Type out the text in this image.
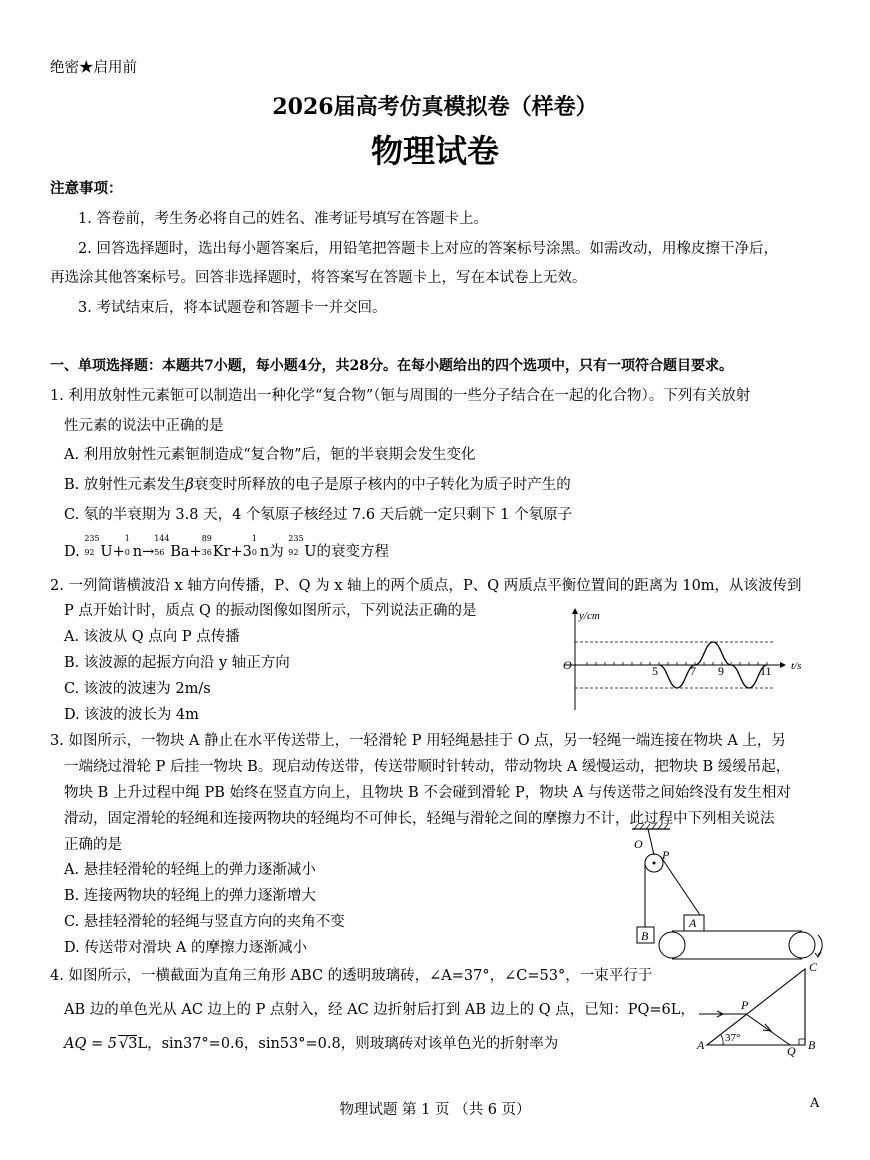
绝密★启用前
2026届高考仿真模拟卷（样卷）
物理试卷
注意事项：
1. 答卷前，考生务必将自己的姓名、准考证号填写在答题卡上。
2. 回答选择题时，选出每小题答案后，用铅笔把答题卡上对应的答案标号涂黑。如需改动，用橡皮擦干净后，
再选涂其他答案标号。回答非选择题时，将答案写在答题卡上，写在本试卷上无效。
3. 考试结束后，将本试题卷和答题卡一并交回。
一、单项选择题：本题共7小题，每小题4分，共28分。在每小题给出的四个选项中，只有一项符合题目要求。
1. 利用放射性元素钷可以制造出一种化学“复合物”（钷与周围的一些分子结合在一起的化合物）。下列有关放射
性元素的说法中正确的是
A. 利用放射性元素钷制造成“复合物”后，钷的半衰期会发生变化
B. 放射性元素发生β衰变时所释放的电子是原子核内的中子转化为质子时产生的
C. 氡的半衰期为 3.8 天，4 个氡原子核经过 7.6 天后就一定只剩下 1 个氡原子
D.
235
92 U+
1
0 n→
144
56 Ba+
89
36 Kr+3
1
0 n为
235
92 U的衰变方程
2. 一列简谐横波沿 x 轴方向传播，P、Q 为 x 轴上的两个质点，P、Q 两质点平衡位置间的距离为 10m，从该波传到
P 点开始计时，质点 Q 的振动图像如图所示，下列说法正确的是
A. 该波从 Q 点向 P 点传播
B. 该波源的起振方向沿 y 轴正方向
C. 该波的波速为 2m/s
D. 该波的波长为 4m
y/cm
t/s
O	5	7 9	11
3. 如图所示，一物块 A 静止在水平传送带上，一轻滑轮 P 用轻绳悬挂于 O 点，另一轻绳一端连接在物块 A 上，另
一端绕过滑轮 P 后挂一物块 B。现启动传送带，传送带顺时针转动，带动物块 A 缓慢运动，把物块 B 缓缓吊起，
物块 B 上升过程中绳 PB 始终在竖直方向上，且物块 B 不会碰到滑轮 P，物块 A 与传送带之间始终没有发生相对
滑动，固定滑轮的轻绳和连接两物块的轻绳均不可伸长，轻绳与滑轮之间的摩擦力不计，此过程中下列相关说法
正确的是
A. 悬挂轻滑轮的轻绳上的弹力逐渐减小
B. 连接两物块的轻绳上的弹力逐渐增大
C. 悬挂轻滑轮的轻绳与竖直方向的夹角不变
D. 传送带对滑块 A 的摩擦力逐渐减小
O
P
A
B
4. 如图所示，一横截面为直角三角形 ABC 的透明玻璃砖，∠A=37°，∠C=53°，一束平行于
AB 边的单色光从 AC 边上的 P 点射入，经 AC 边折射后打到 AB 边上的 Q 点，已知：PQ=6L，
AQ = 5 √3L，sin37°=0.6，sin53°=0.8，则玻璃砖对该单色光的折射率为	A	B
C
P
Q
37°
物理试题 第 1 页 （共 6 页）	A
